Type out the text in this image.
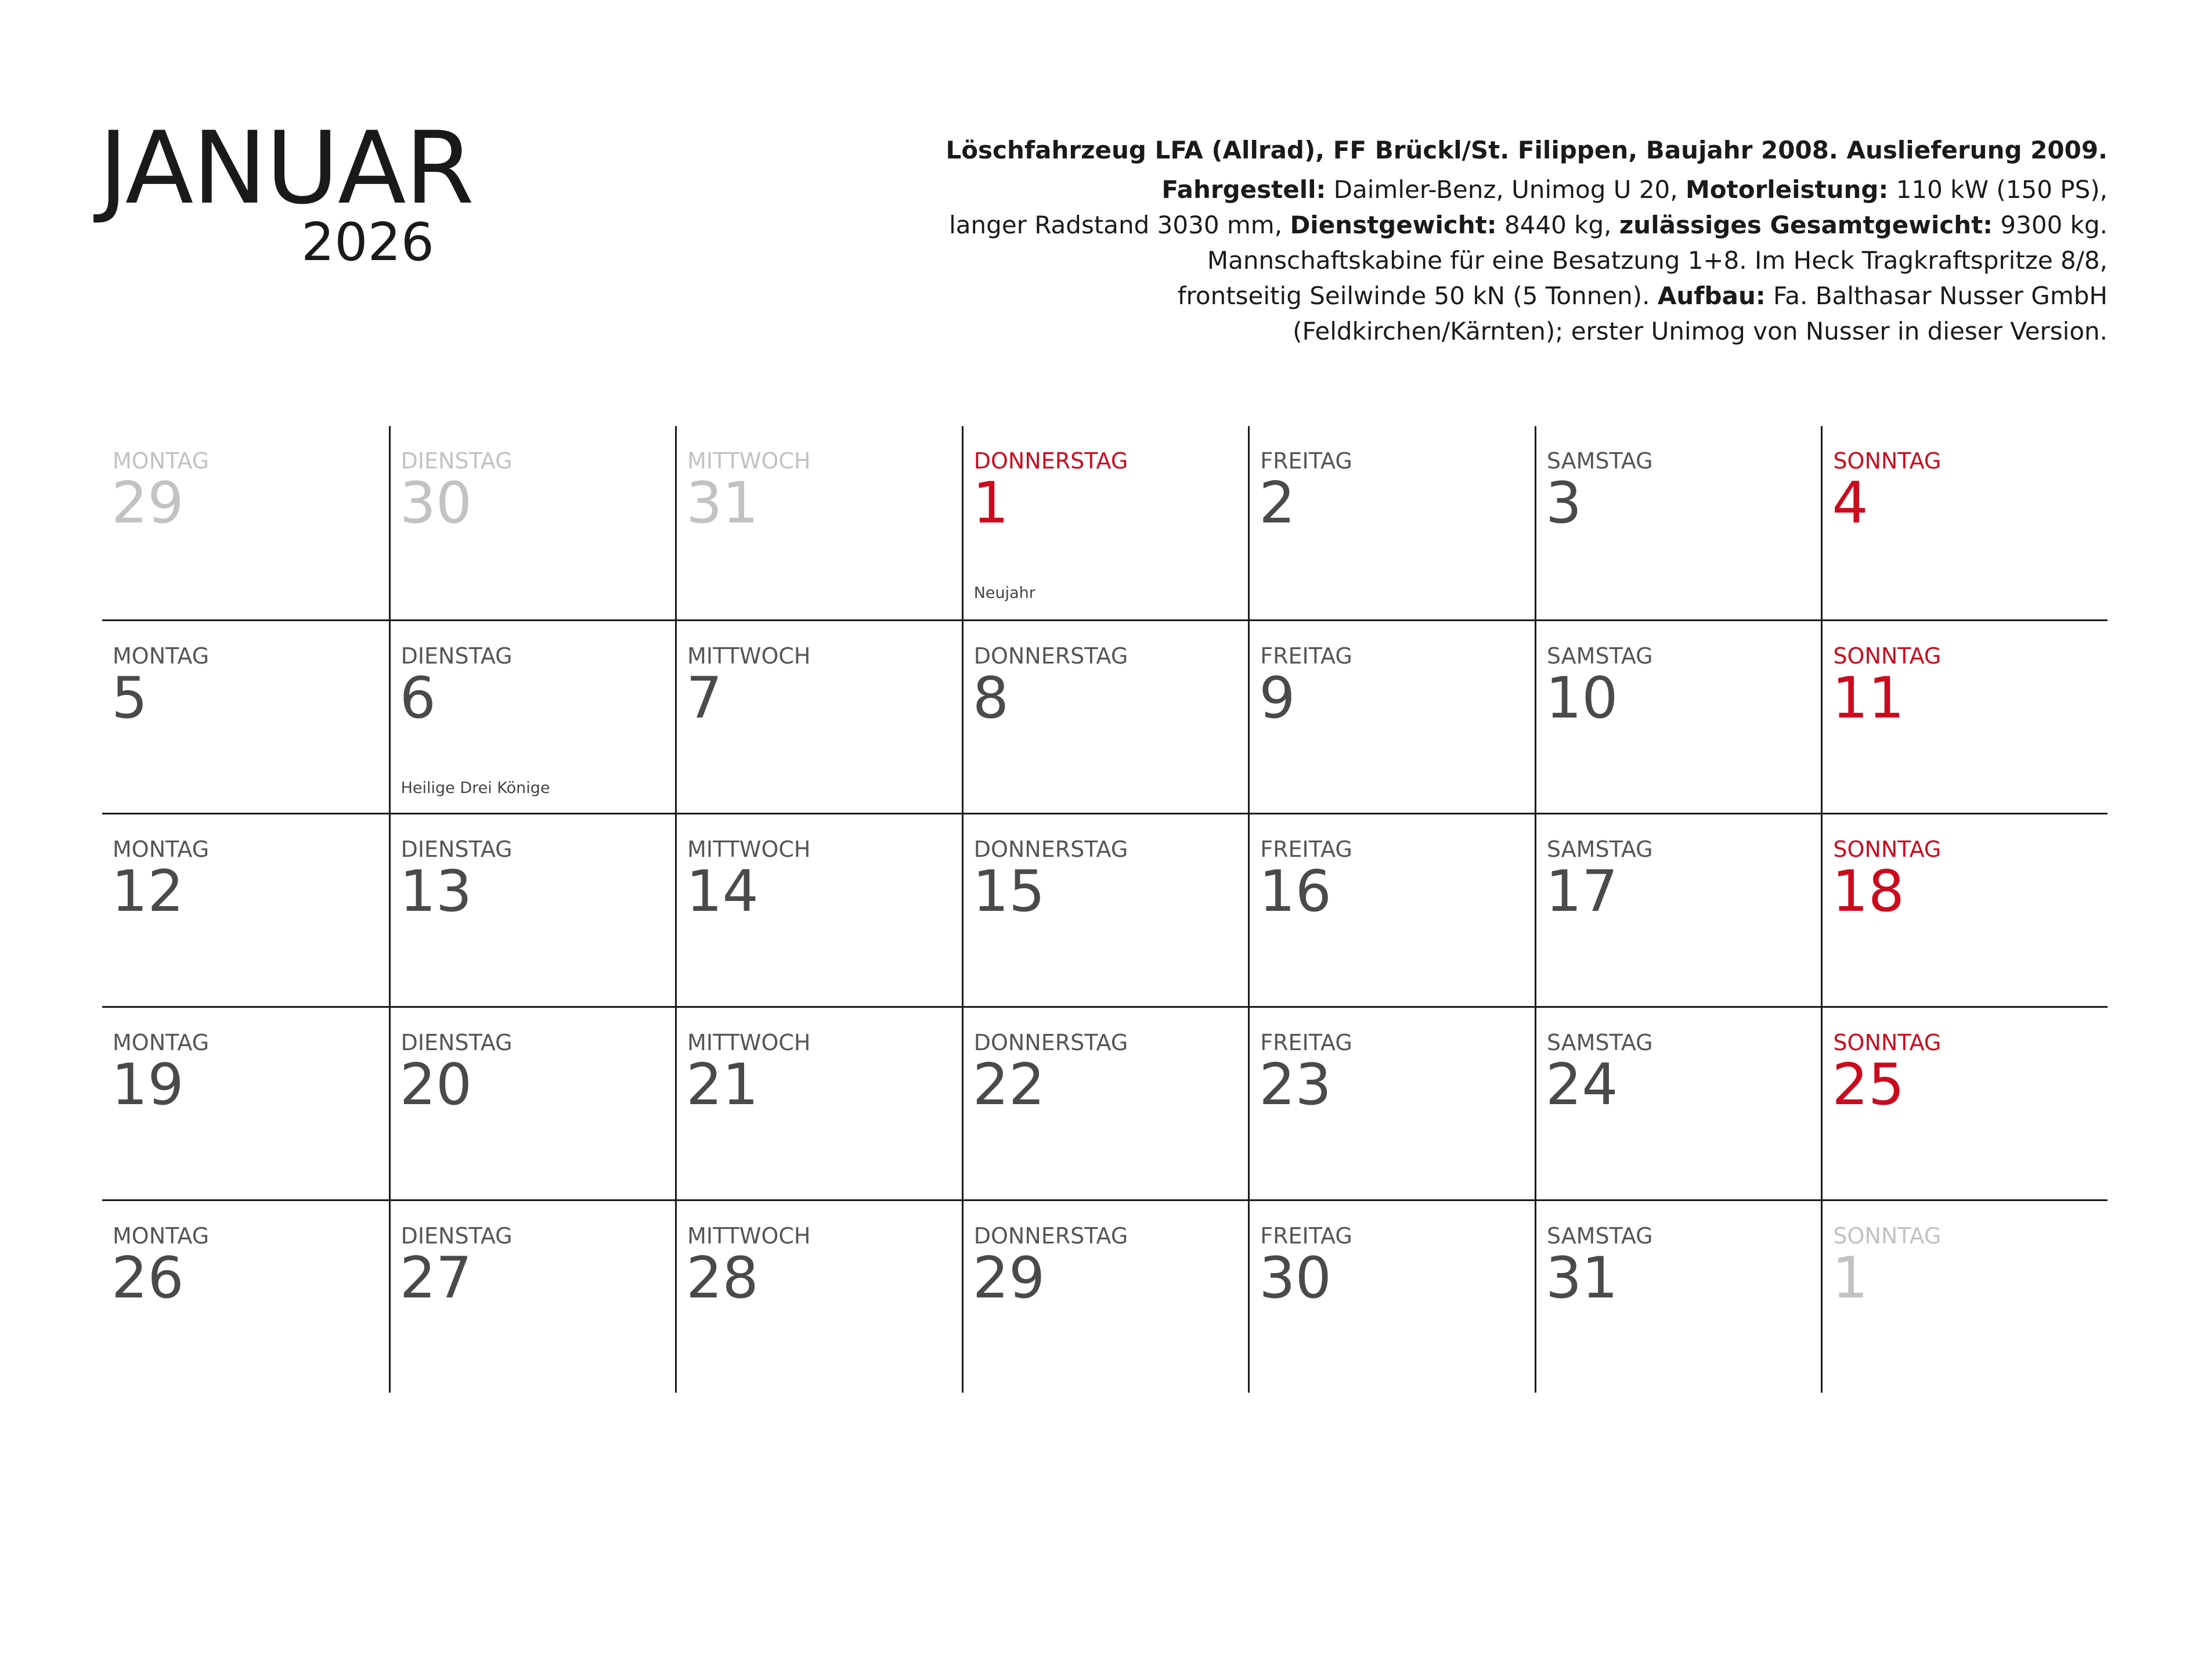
JANUAR
2026
Löschfahrzeug LFA (Allrad), FF Brückl/St. Filippen, Baujahr 2008. Auslieferung 2009.
Fahrgestell: Daimler-Benz, Unimog U 20, Motorleistung: 110 kW (150 PS),
langer Radstand 3030 mm, Dienstgewicht: 8440 kg, zulässiges Gesamtgewicht: 9300 kg.
Mannschaftskabine für eine Besatzung 1+8. Im Heck Tragkraftspritze 8/8,
frontseitig Seilwinde 50 kN (5 Tonnen). Aufbau: Fa. Balthasar Nusser GmbH
(Feldkirchen/Kärnten); erster Unimog von Nusser in dieser Version.
MONTAG
29
DIENSTAG
30
MITTWOCH
31
DONNERSTAG
1
Neujahr
FREITAG
2
SAMSTAG
3
SONNTAG
4
MONTAG
5
DIENSTAG
6
Heilige Drei Könige
MITTWOCH
7
DONNERSTAG
8
FREITAG
9
SAMSTAG
10
SONNTAG
11
MONTAG
12
DIENSTAG
13
MITTWOCH
14
DONNERSTAG
15
FREITAG
16
SAMSTAG
17
SONNTAG
18
MONTAG
19
DIENSTAG
20
MITTWOCH
21
DONNERSTAG
22
FREITAG
23
SAMSTAG
24
SONNTAG
25
MONTAG
26
DIENSTAG
27
MITTWOCH
28
DONNERSTAG
29
FREITAG
30
SAMSTAG
31
SONNTAG
1
